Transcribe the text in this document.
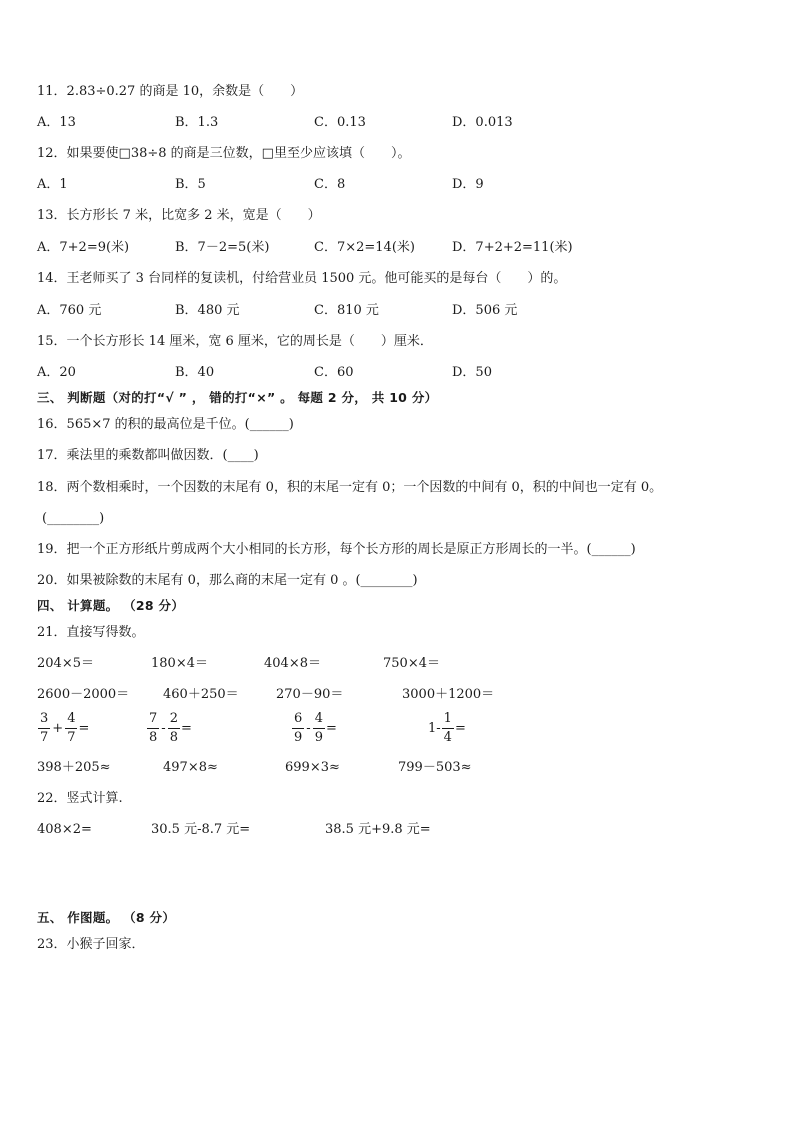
11．2.83÷0.27 的商是 10，余数是（　　）
A．13	B．1.3	C．0.13	D．0.013
12．如果要使□38÷8 的商是三位数，□里至少应该填（　　）。
A．1	B．5	C．8	D．9
13．长方形长 7 米，比宽多 2 米，宽是（　　）
A．7+2=9(米)	B．7－2=5(米)	C．7×2=14(米)	D．7+2+2=11(米)
14．王老师买了 3 台同样的复读机，付给营业员 1500 元。他可能买的是每台（　　）的。
A．760 元	B．480 元	C．810 元	D．506 元
15．一个长方形长 14 厘米，宽 6 厘米，它的周长是（　　）厘米．
A．20	B．40	C．60	D．50
三、 判断题（对的打“√ ” ， 错的打“×” 。 每题 2 分， 共 10 分）
16．565×7 的积的最高位是千位。(______)
17．乘法里的乘数都叫做因数．(____)
18．两个数相乘时，一个因数的末尾有 0，积的末尾一定有 0；一个因数的中间有 0，积的中间也一定有 0。
(________)
19．把一个正方形纸片剪成两个大小相同的长方形，每个长方形的周长是原正方形周长的一半。(______)
20．如果被除数的末尾有 0，那么商的末尾一定有 0 。(________)
四、 计算题。 （28 分）
21．直接写得数。
204×5＝	180×4＝	404×8＝	750×4＝
2600－2000＝	460＋250＝	270－90＝	3000＋1200＝
$\frac{3}{7} + \frac{4}{7}$ =	$\frac{7}{8} - \frac{2}{8}$ =	$\frac{6}{9} - \frac{4}{9}$ =	$1- \frac{1}{4}$ =
398＋205≈	497×8≈	699×3≈	799－503≈
22．竖式计算.
408×2=	30.5 元-8.7 元=	38.5 元+9.8 元=
五、 作图题。 （8 分）
23．小猴子回家．
